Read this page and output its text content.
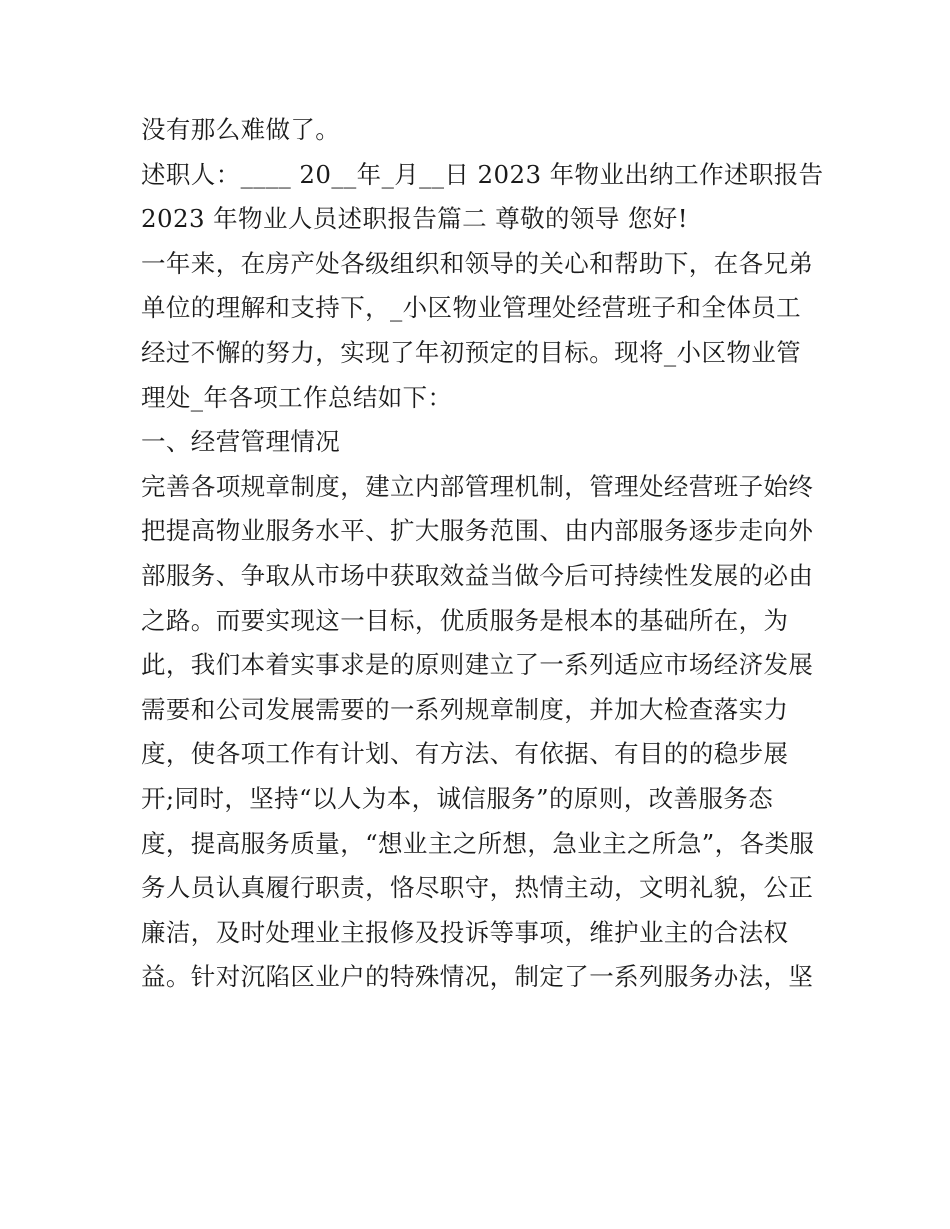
没有那么难做了。

述职人：____ 20__年_月__日 2023 年物业出纳工作述职报告

2023 年物业人员述职报告篇二 尊敬的领导 您好!

一年来，在房产处各级组织和领导的关心和帮助下，在各兄弟

单位的理解和支持下，_小区物业管理处经营班子和全体员工

经过不懈的努力，实现了年初预定的目标。现将_小区物业管

理处_年各项工作总结如下：

一、经营管理情况

完善各项规章制度，建立内部管理机制，管理处经营班子始终

把提高物业服务水平、扩大服务范围、由内部服务逐步走向外

部服务、争取从市场中获取效益当做今后可持续性发展的必由

之路。而要实现这一目标，优质服务是根本的基础所在，为

此，我们本着实事求是的原则建立了一系列适应市场经济发展

需要和公司发展需要的一系列规章制度，并加大检查落实力

度，使各项工作有计划、有方法、有依据、有目的的稳步展

开;同时，坚持“以人为本，诚信服务”的原则，改善服务态

度，提高服务质量，“想业主之所想，急业主之所急”，各类服

务人员认真履行职责，恪尽职守，热情主动，文明礼貌，公正

廉洁，及时处理业主报修及投诉等事项，维护业主的合法权

益。针对沉陷区业户的特殊情况，制定了一系列服务办法，坚
